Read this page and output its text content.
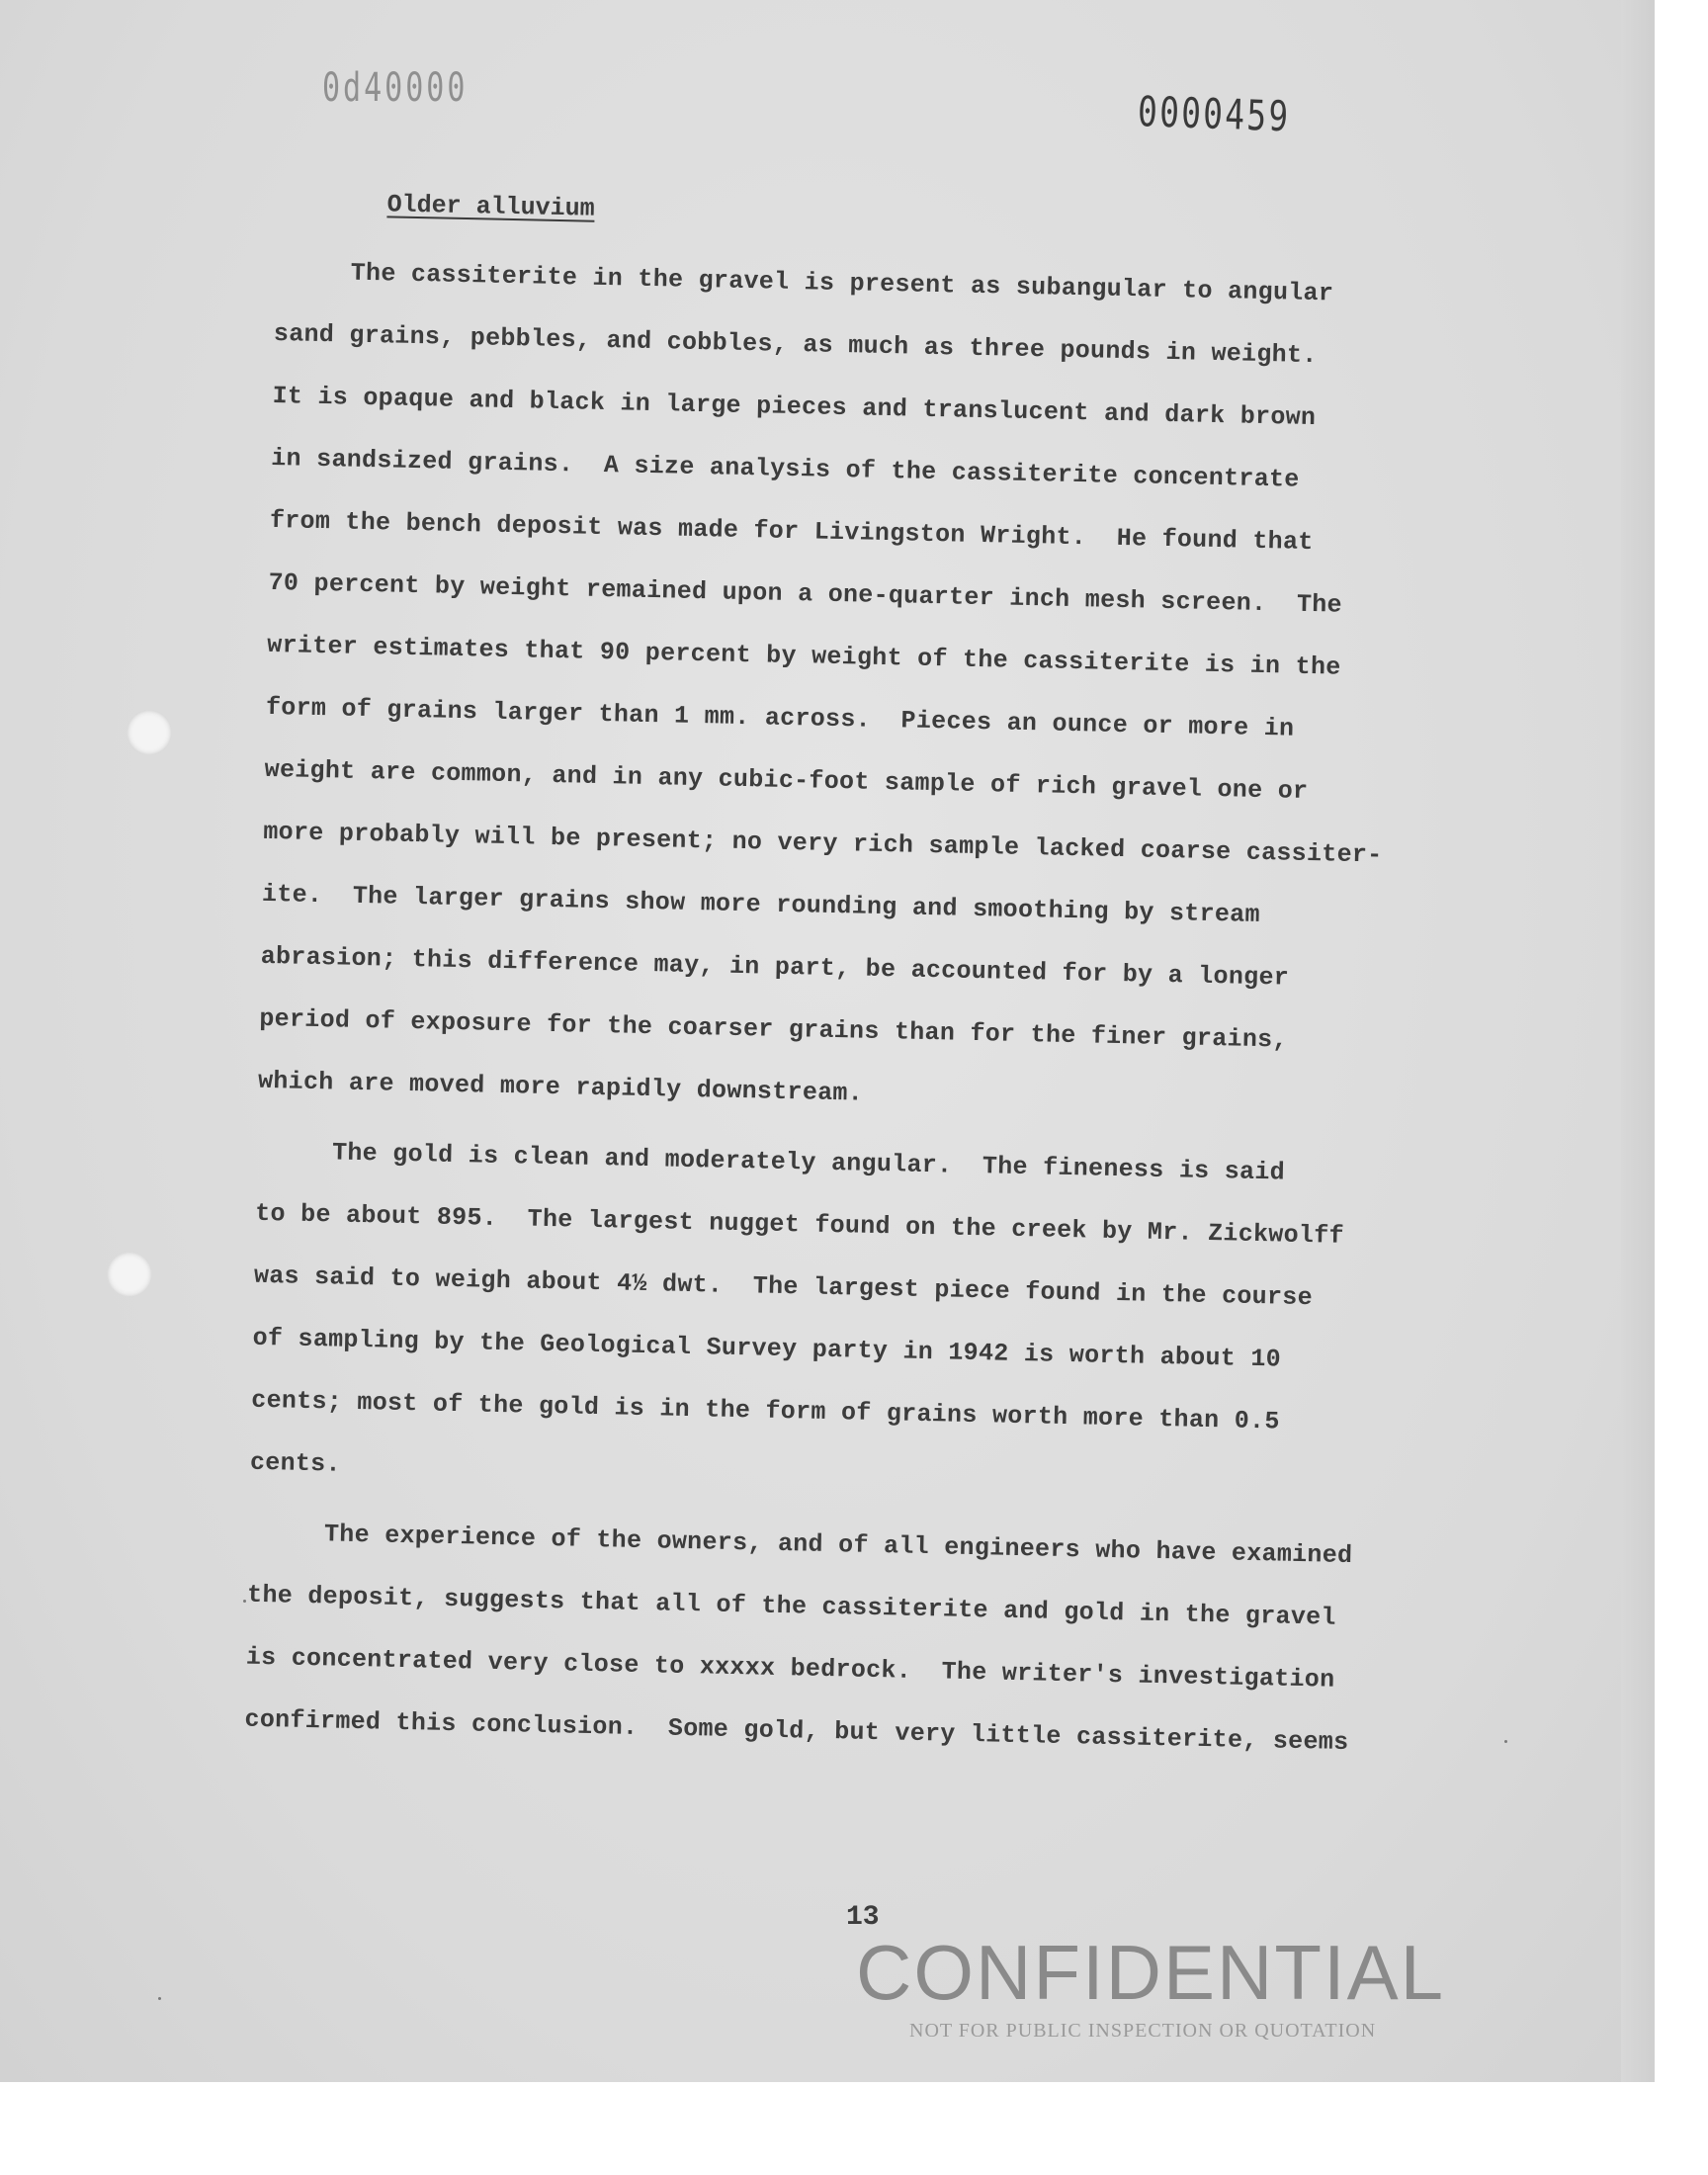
0d40000	0000459
Older alluvium
The cassiterite in the gravel is present as subangular to angular
sand grains, pebbles, and cobbles, as much as three pounds in weight.
It is opaque and black in large pieces and translucent and dark brown
in sandsized grains.  A size analysis of the cassiterite concentrate
from the bench deposit was made for Livingston Wright.  He found that
70 percent by weight remained upon a one-quarter inch mesh screen.  The
writer estimates that 90 percent by weight of the cassiterite is in the
form of grains larger than 1 mm. across.  Pieces an ounce or more in
weight are common, and in any cubic-foot sample of rich gravel one or
more probably will be present; no very rich sample lacked coarse cassiter-
ite.  The larger grains show more rounding and smoothing by stream
abrasion; this difference may, in part, be accounted for by a longer
period of exposure for the coarser grains than for the finer grains,
which are moved more rapidly downstream.
The gold is clean and moderately angular.  The fineness is said
to be about 895.  The largest nugget found on the creek by Mr. Zickwolff
was said to weigh about 4½ dwt.  The largest piece found in the course
of sampling by the Geological Survey party in 1942 is worth about 10
cents; most of the gold is in the form of grains worth more than 0.5
cents.
The experience of the owners, and of all engineers who have examined
the deposit, suggests that all of the cassiterite and gold in the gravel
is concentrated very close to xxxxx bedrock.  The writer's investigation
confirmed this conclusion.  Some gold, but very little cassiterite, seems
13
CONFIDENTIAL
NOT FOR PUBLIC INSPECTION OR QUOTATION
